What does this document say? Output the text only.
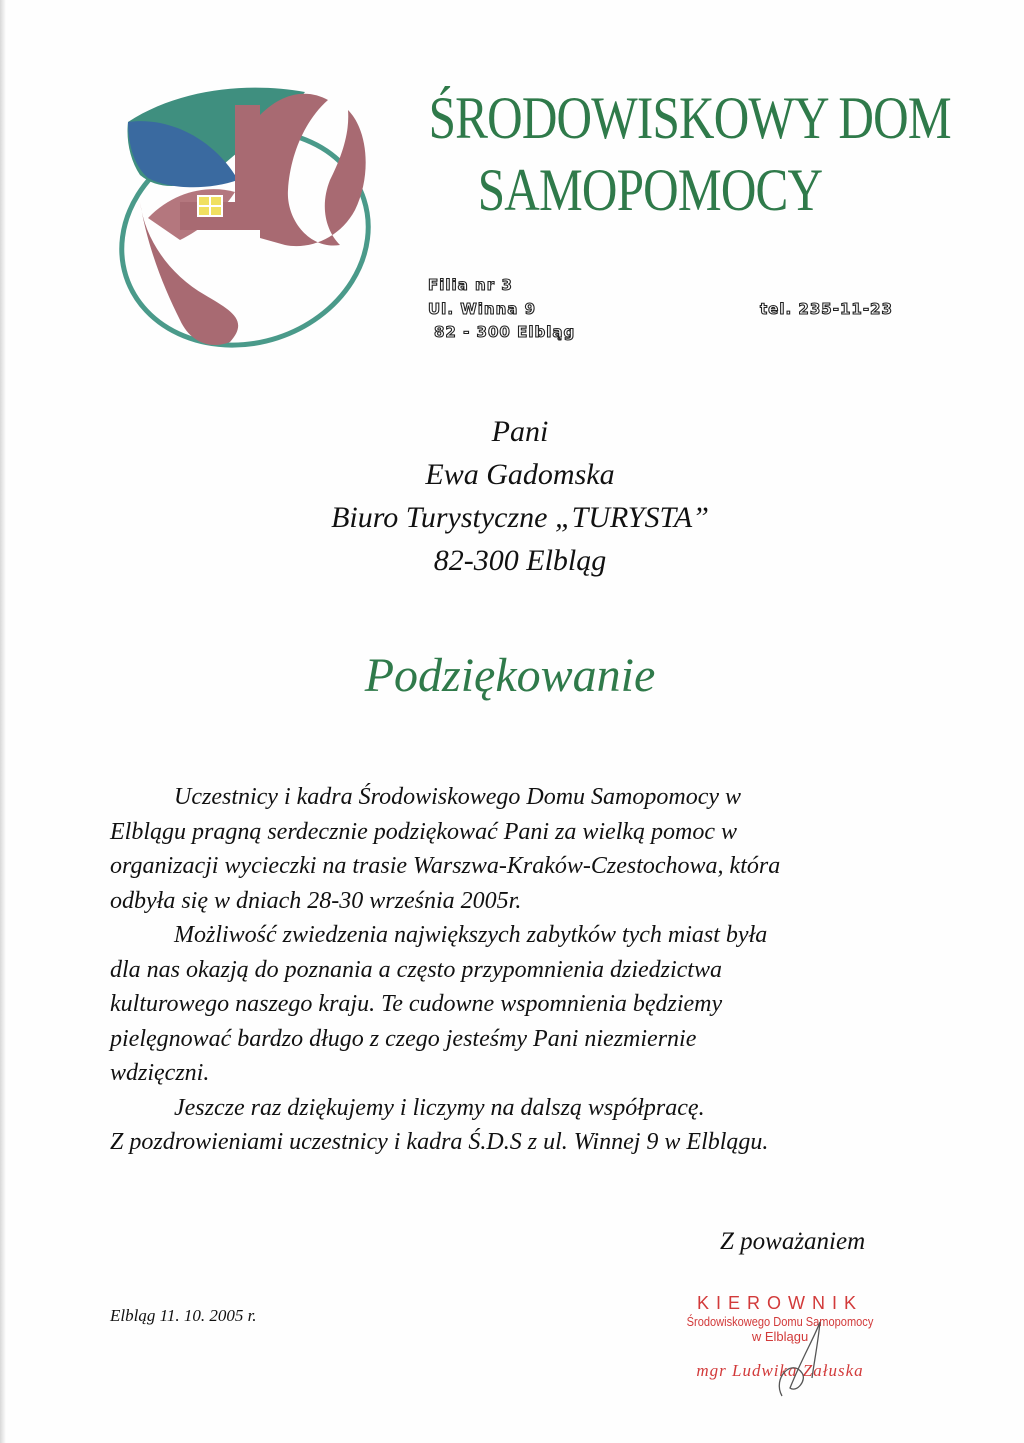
ŚRODOWISKOWY DOM
SAMOPOMOCY
Filia nr 3
Ul. Winna 9
82 - 300 Elbląg
tel. 235-11-23
Pani
Ewa Gadomska
Biuro Turystyczne „TURYSTA”
82-300 Elbląg
Podziękowanie
Uczestnicy i kadra Środowiskowego Domu Samopomocy w
Elblągu pragną serdecznie podziękować Pani za wielką pomoc w
organizacji wycieczki na trasie Warszwa-Kraków-Czestochowa, która
odbyła się w dniach 28-30 września 2005r.
Możliwość zwiedzenia największych zabytków tych miast była
dla nas okazją do poznania a często przypomnienia dziedzictwa
kulturowego naszego kraju. Te cudowne wspomnienia będziemy
pielęgnować bardzo długo z czego jesteśmy Pani niezmiernie
wdzięczni.
Jeszcze raz dziękujemy i liczymy na dalszą współpracę.
Z pozdrowieniami uczestnicy i kadra Ś.D.S z ul. Winnej 9 w Elblągu.
Z poważaniem
Elbląg 11. 10. 2005 r.
KIEROWNIK
Środowiskowego Domu Samopomocy
w Elblągu
mgr Ludwika Załuska
